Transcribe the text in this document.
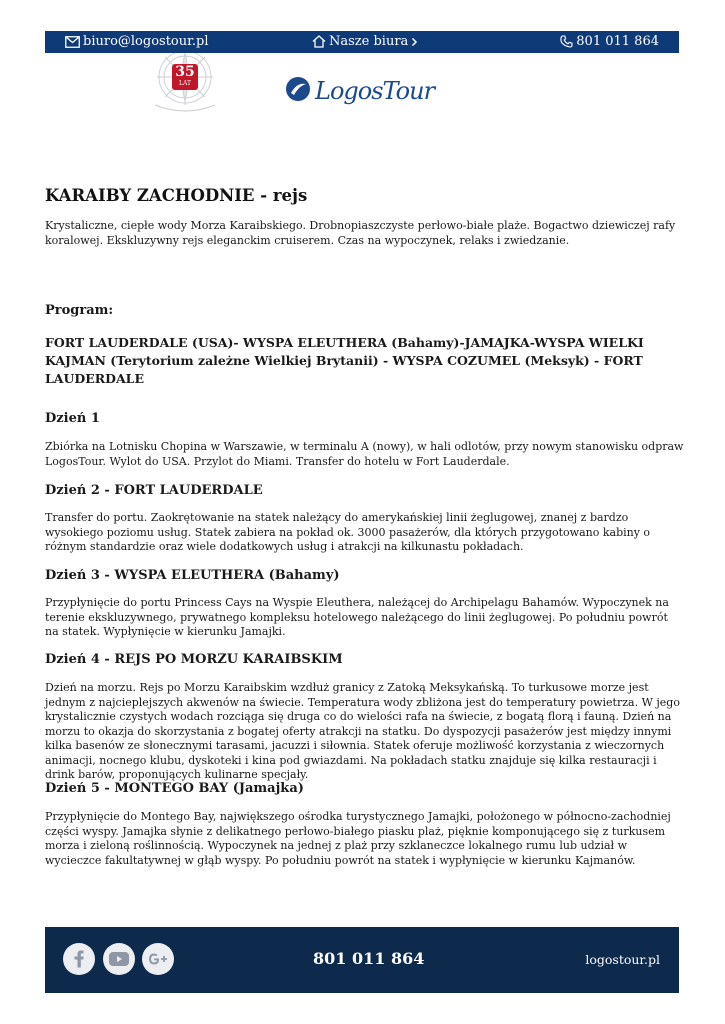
biuro@logostour.pl	Nasze biura	801 011 864
35
LAT	LogosTour
KARAIBY ZACHODNIE - rejs

Krystaliczne, ciepłe wody Morza Karaibskiego. Drobnopiaszczyste perłowo-białe plaże. Bogactwo dziewiczej rafy koralowej. Ekskluzywny rejs eleganckim cruiserem. Czas na wypoczynek, relaks i zwiedzanie.

Program:
FORT LAUDERDALE (USA)- WYSPA ELEUTHERA (Bahamy)-JAMAJKA-WYSPA WIELKI KAJMAN (Terytorium zależne Wielkiej Brytanii) - WYSPA COZUMEL (Meksyk) - FORT LAUDERDALE
Dzień 1

Zbiórka na Lotnisku Chopina w Warszawie, w terminalu A (nowy), w hali odlotów, przy nowym stanowisku odpraw LogosTour. Wylot do USA. Przylot do Miami. Transfer do hotelu w Fort Lauderdale.

Dzień 2 - FORT LAUDERDALE

Transfer do portu. Zaokrętowanie na statek należący do amerykańskiej linii żeglugowej, znanej z bardzo wysokiego poziomu usług. Statek zabiera na pokład ok. 3000 pasażerów, dla których przygotowano kabiny o różnym standardzie oraz wiele dodatkowych usług i atrakcji na kilkunastu pokładach.

Dzień 3 - WYSPA ELEUTHERA (Bahamy)

Przypłynięcie do portu Princess Cays na Wyspie Eleuthera, należącej do Archipelagu Bahamów. Wypoczynek na terenie ekskluzywnego, prywatnego kompleksu hotelowego należącego do linii żeglugowej. Po południu powrót na statek. Wypłynięcie w kierunku Jamajki.

Dzień 4 - REJS PO MORZU KARAIBSKIM

Dzień na morzu. Rejs po Morzu Karaibskim wzdłuż granicy z Zatoką Meksykańską. To turkusowe morze jest jednym z najcieplejszych akwenów na świecie. Temperatura wody zbliżona jest do temperatury powietrza. W jego krystalicznie czystych wodach rozciąga się druga co do wielości rafa na świecie, z bogatą florą i fauną. Dzień na morzu to okazja do skorzystania z bogatej oferty atrakcji na statku. Do dyspozycji pasażerów jest między innymi kilka basenów ze słonecznymi tarasami, jacuzzi i siłownia. Statek oferuje możliwość korzystania z wieczornych animacji, nocnego klubu, dyskoteki i kina pod gwiazdami. Na pokładach statku znajduje się kilka restauracji i drink barów, proponujących kulinarne specjały.

Dzień 5 - MONTEGO BAY (Jamajka)

Przypłynięcie do Montego Bay, największego ośrodka turystycznego Jamajki, położonego w północno-zachodniej części wyspy. Jamajka słynie z delikatnego perłowo-białego piasku plaż, pięknie komponującego się z turkusem morza i zieloną roślinnością. Wypoczynek na jednej z plaż przy szklaneczce lokalnego rumu lub udział w wycieczce fakultatywnej w głąb wyspy. Po południu powrót na statek i wypłynięcie w kierunku Kajmanów.

801 011 864	logostour.pl
